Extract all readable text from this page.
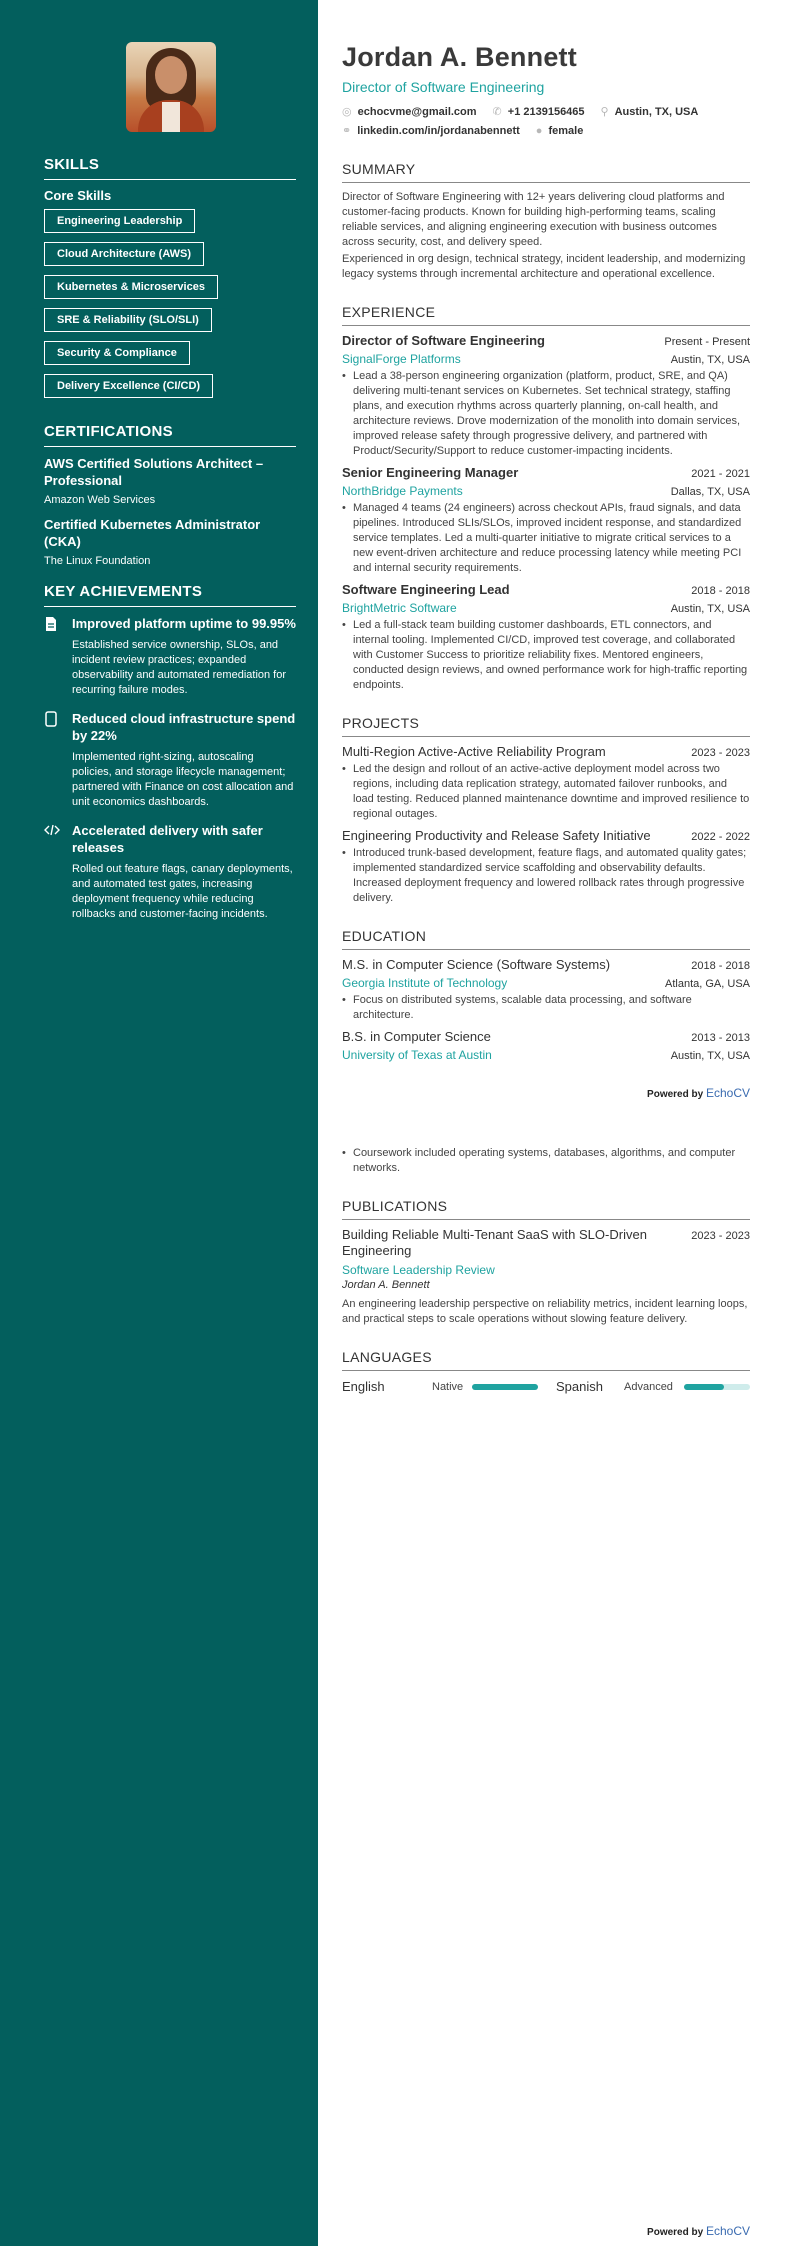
SKILLS
Core Skills
Engineering Leadership
Cloud Architecture (AWS)
Kubernetes & Microservices
SRE & Reliability (SLO/SLI)
Security & Compliance
Delivery Excellence (CI/CD)
CERTIFICATIONS
AWS Certified Solutions Architect – Professional
Amazon Web Services
Certified Kubernetes Administrator (CKA)
The Linux Foundation
KEY ACHIEVEMENTS
Improved platform uptime to 99.95%
Established service ownership, SLOs, and incident review practices; expanded observability and automated remediation for recurring failure modes.
Reduced cloud infrastructure spend by 22%
Implemented right-sizing, autoscaling policies, and storage lifecycle management; partnered with Finance on cost allocation and unit economics dashboards.
Accelerated delivery with safer releases
Rolled out feature flags, canary deployments, and automated test gates, increasing deployment frequency while reducing rollbacks and customer-facing incidents.
Jordan A. Bennett
Director of Software Engineering
◎ echocvme@gmail.com ✆ +1 2139156465 ⚲ Austin, TX, USA
⚭ linkedin.com/in/jordanabennett ● female
SUMMARY
Director of Software Engineering with 12+ years delivering cloud platforms and customer-facing products. Known for building high-performing teams, scaling reliable services, and aligning engineering execution with business outcomes across security, cost, and delivery speed.
Experienced in org design, technical strategy, incident leadership, and modernizing legacy systems through incremental architecture and operational excellence.
EXPERIENCE
Director of Software Engineering	Present - Present
SignalForge Platforms	Austin, TX, USA
• Lead a 38-person engineering organization (platform, product, SRE, and QA) delivering multi-tenant services on Kubernetes. Set technical strategy, staffing plans, and execution rhythms across quarterly planning, on-call health, and architecture reviews. Drove modernization of the monolith into domain services, improved release safety through progressive delivery, and partnered with Product/Security/Support to reduce customer-impacting incidents.
Senior Engineering Manager	2021 - 2021
NorthBridge Payments	Dallas, TX, USA
• Managed 4 teams (24 engineers) across checkout APIs, fraud signals, and data pipelines. Introduced SLIs/SLOs, improved incident response, and standardized service templates. Led a multi-quarter initiative to migrate critical services to a new event-driven architecture and reduce processing latency while meeting PCI and internal security requirements.
Software Engineering Lead	2018 - 2018
BrightMetric Software	Austin, TX, USA
• Led a full-stack team building customer dashboards, ETL connectors, and internal tooling. Implemented CI/CD, improved test coverage, and collaborated with Customer Success to prioritize reliability fixes. Mentored engineers, conducted design reviews, and owned performance work for high-traffic reporting endpoints.
PROJECTS
Multi-Region Active-Active Reliability Program	2023 - 2023
• Led the design and rollout of an active-active deployment model across two regions, including data replication strategy, automated failover runbooks, and load testing. Reduced planned maintenance downtime and improved resilience to regional outages.
Engineering Productivity and Release Safety Initiative	2022 - 2022
• Introduced trunk-based development, feature flags, and automated quality gates; implemented standardized service scaffolding and observability defaults. Increased deployment frequency and lowered rollback rates through progressive delivery.
EDUCATION
M.S. in Computer Science (Software Systems)	2018 - 2018
Georgia Institute of Technology	Atlanta, GA, USA
• Focus on distributed systems, scalable data processing, and software architecture.
B.S. in Computer Science	2013 - 2013
University of Texas at Austin	Austin, TX, USA
Powered by EchoCV
• Coursework included operating systems, databases, algorithms, and computer networks.
PUBLICATIONS
Building Reliable Multi-Tenant SaaS with SLO-Driven Engineering
2023 - 2023
Software Leadership Review
Jordan A. Bennett
An engineering leadership perspective on reliability metrics, incident learning loops, and practical steps to scale operations without slowing feature delivery.
LANGUAGES
English	Native	Spanish	Advanced
Powered by EchoCV
